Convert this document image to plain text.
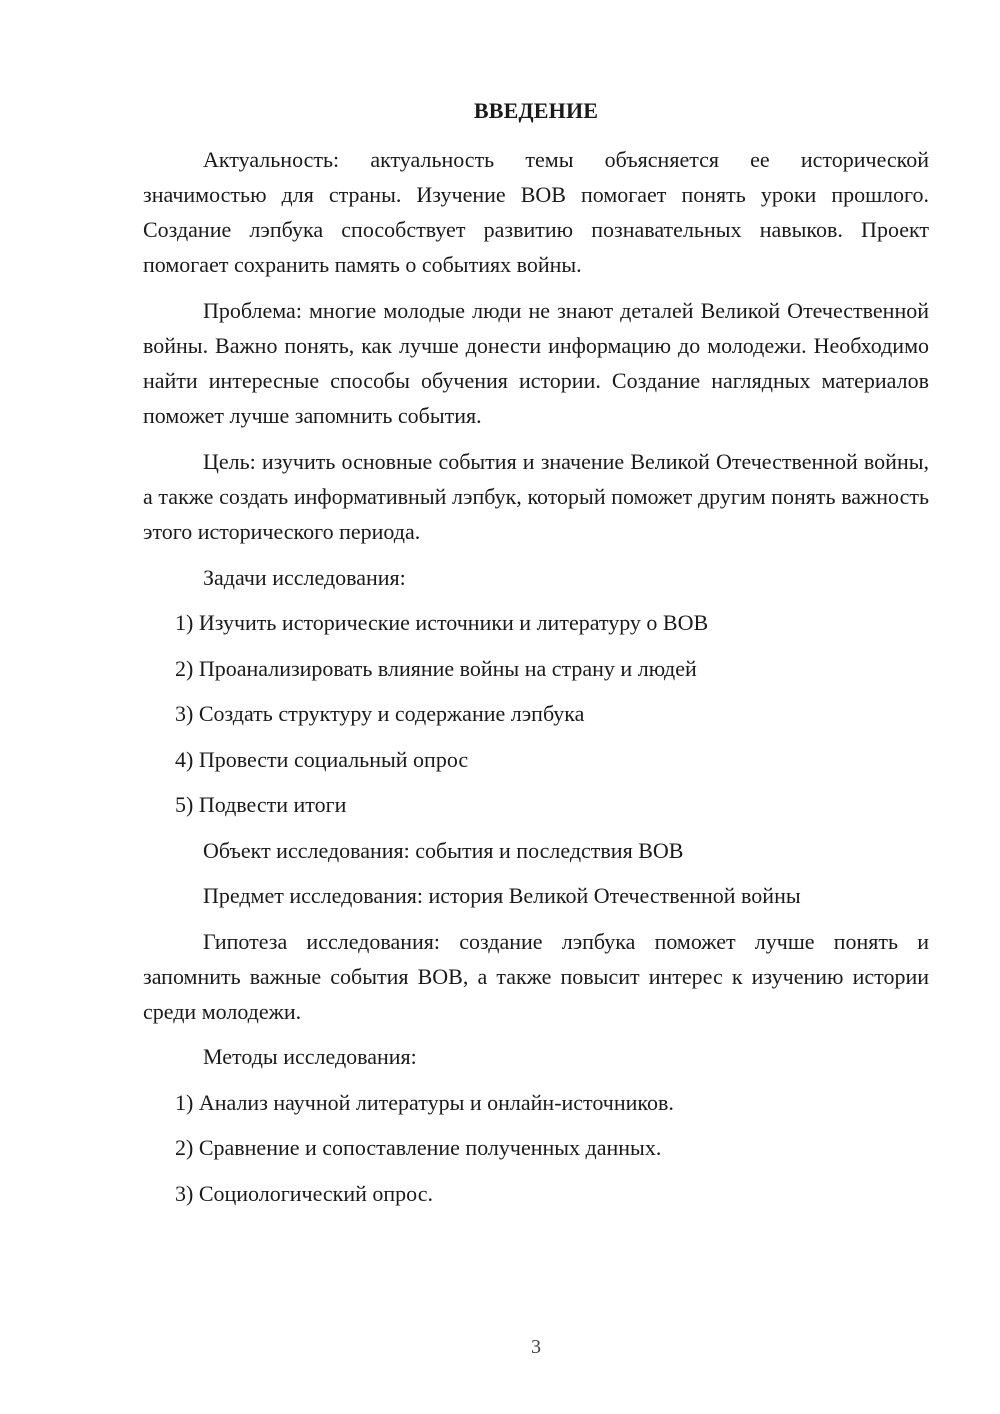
ВВЕДЕНИЕ

Актуальность: актуальность темы объясняется ее исторической значимостью для страны. Изучение ВОВ помогает понять уроки прошлого. Создание лэпбука способствует развитию познавательных навыков. Проект помогает сохранить память о событиях войны.

Проблема: многие молодые люди не знают деталей Великой Отечественной войны. Важно понять, как лучше донести информацию до молодежи. Необходимо найти интересные способы обучения истории. Создание наглядных материалов поможет лучше запомнить события.

Цель: изучить основные события и значение Великой Отечественной войны, а также создать информативный лэпбук, который поможет другим понять важность этого исторического периода.

Задачи исследования:
1) Изучить исторические источники и литературу о ВОВ
2) Проанализировать влияние войны на страну и людей
3) Создать структуру и содержание лэпбука
4) Провести социальный опрос
5) Подвести итоги
Объект исследования: события и последствия ВОВ
Предмет исследования: история Великой Отечественной войны

Гипотеза исследования: создание лэпбука поможет лучше понять и запомнить важные события ВОВ, а также повысит интерес к изучению истории среди молодежи.

Методы исследования:
1) Анализ научной литературы и онлайн-источников.
2) Сравнение и сопоставление полученных данных.
3) Социологический опрос.
3
